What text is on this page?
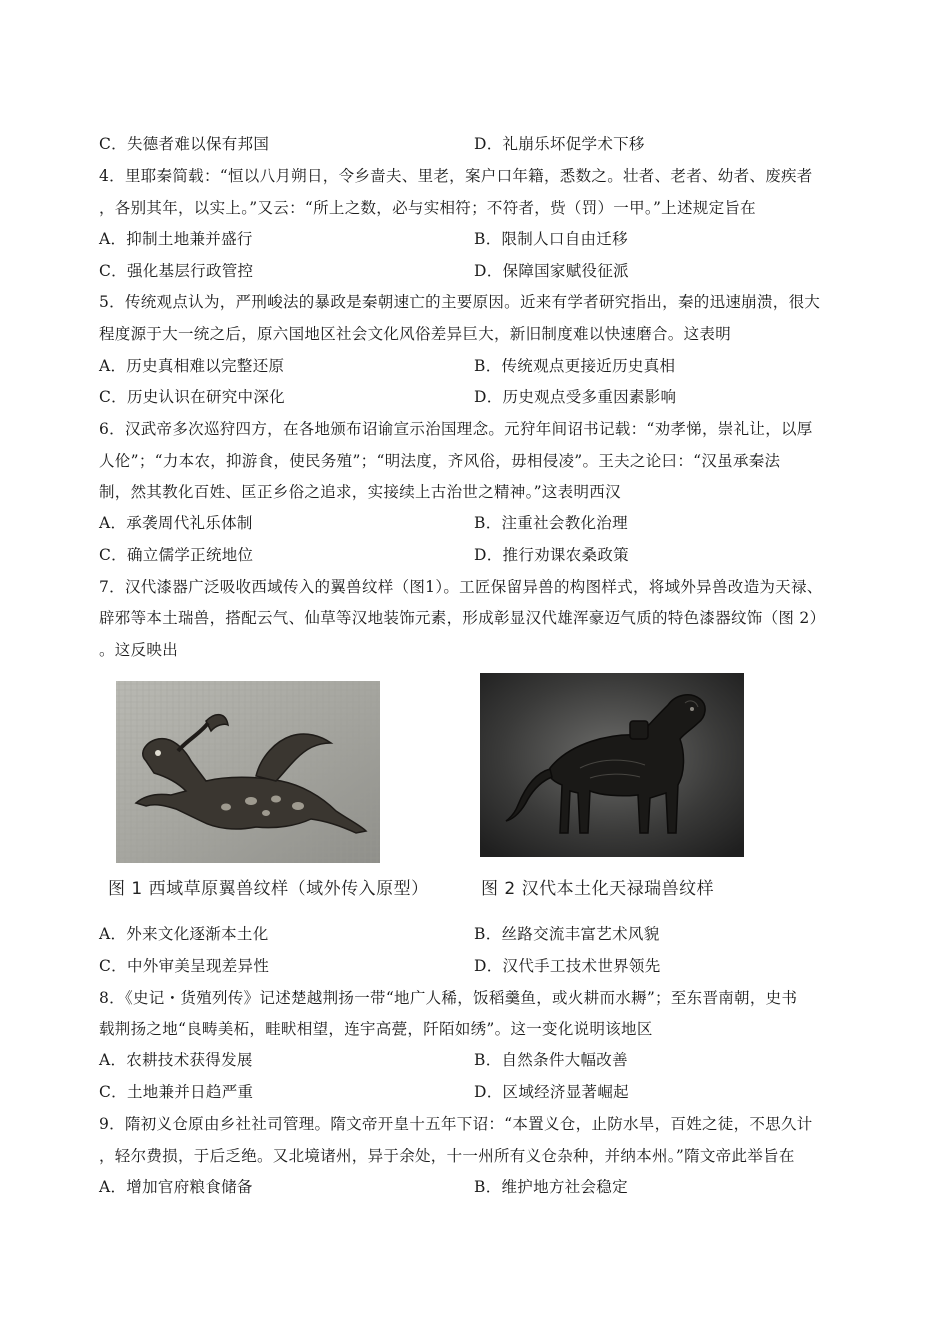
C．失德者难以保有邦国	D．礼崩乐坏促学术下移
4．里耶秦简载：“恒以八月朔日，令乡啬夫、里老，案户口年籍，悉数之。壮者、老者、幼者、废疾者
，各别其年，以实上。”又云：“所上之数，必与实相符；不符者，赀（罚）一甲。”上述规定旨在
A．抑制土地兼并盛行	B．限制人口自由迁移
C．强化基层行政管控	D．保障国家赋役征派
5．传统观点认为，严刑峻法的暴政是秦朝速亡的主要原因。近来有学者研究指出，秦的迅速崩溃，很大
程度源于大一统之后，原六国地区社会文化风俗差异巨大，新旧制度难以快速磨合。这表明
A．历史真相难以完整还原	B．传统观点更接近历史真相
C．历史认识在研究中深化	D．历史观点受多重因素影响
6．汉武帝多次巡狩四方，在各地颁布诏谕宣示治国理念。元狩年间诏书记载：“劝孝悌，崇礼让，以厚
人伦”；“力本农，抑游食，使民务殖”；“明法度，齐风俗，毋相侵凌”。王夫之论曰：“汉虽承秦法
制，然其教化百姓、匡正乡俗之追求，实接续上古治世之精神。”这表明西汉
A．承袭周代礼乐体制	B．注重社会教化治理
C．确立儒学正统地位	D．推行劝课农桑政策
7．汉代漆器广泛吸收西域传入的翼兽纹样（图1）。工匠保留异兽的构图样式，将域外异兽改造为天禄、
辟邪等本土瑞兽，搭配云气、仙草等汉地装饰元素，形成彰显汉代雄浑豪迈气质的特色漆器纹饰（图 2）
。这反映出
图 1 西域草原翼兽纹样（域外传入原型）	图 2 汉代本土化天禄瑞兽纹样
A．外来文化逐渐本土化	B．丝路交流丰富艺术风貌
C．中外审美呈现差异性	D．汉代手工技术世界领先
8．《史记・货殖列传》记述楚越荆扬一带“地广人稀，饭稻羹鱼，或火耕而水耨”；至东晋南朝，史书
载荆扬之地“良畴美柘，畦畎相望，连宇高甍，阡陌如绣”。这一变化说明该地区
A．农耕技术获得发展	B．自然条件大幅改善
C．土地兼并日趋严重	D．区域经济显著崛起
9．隋初义仓原由乡社社司管理。隋文帝开皇十五年下诏：“本置义仓，止防水旱，百姓之徒，不思久计
，轻尔费损，于后乏绝。又北境诸州，异于余处，十一州所有义仓杂种，并纳本州。”隋文帝此举旨在
A．增加官府粮食储备	B．维护地方社会稳定
